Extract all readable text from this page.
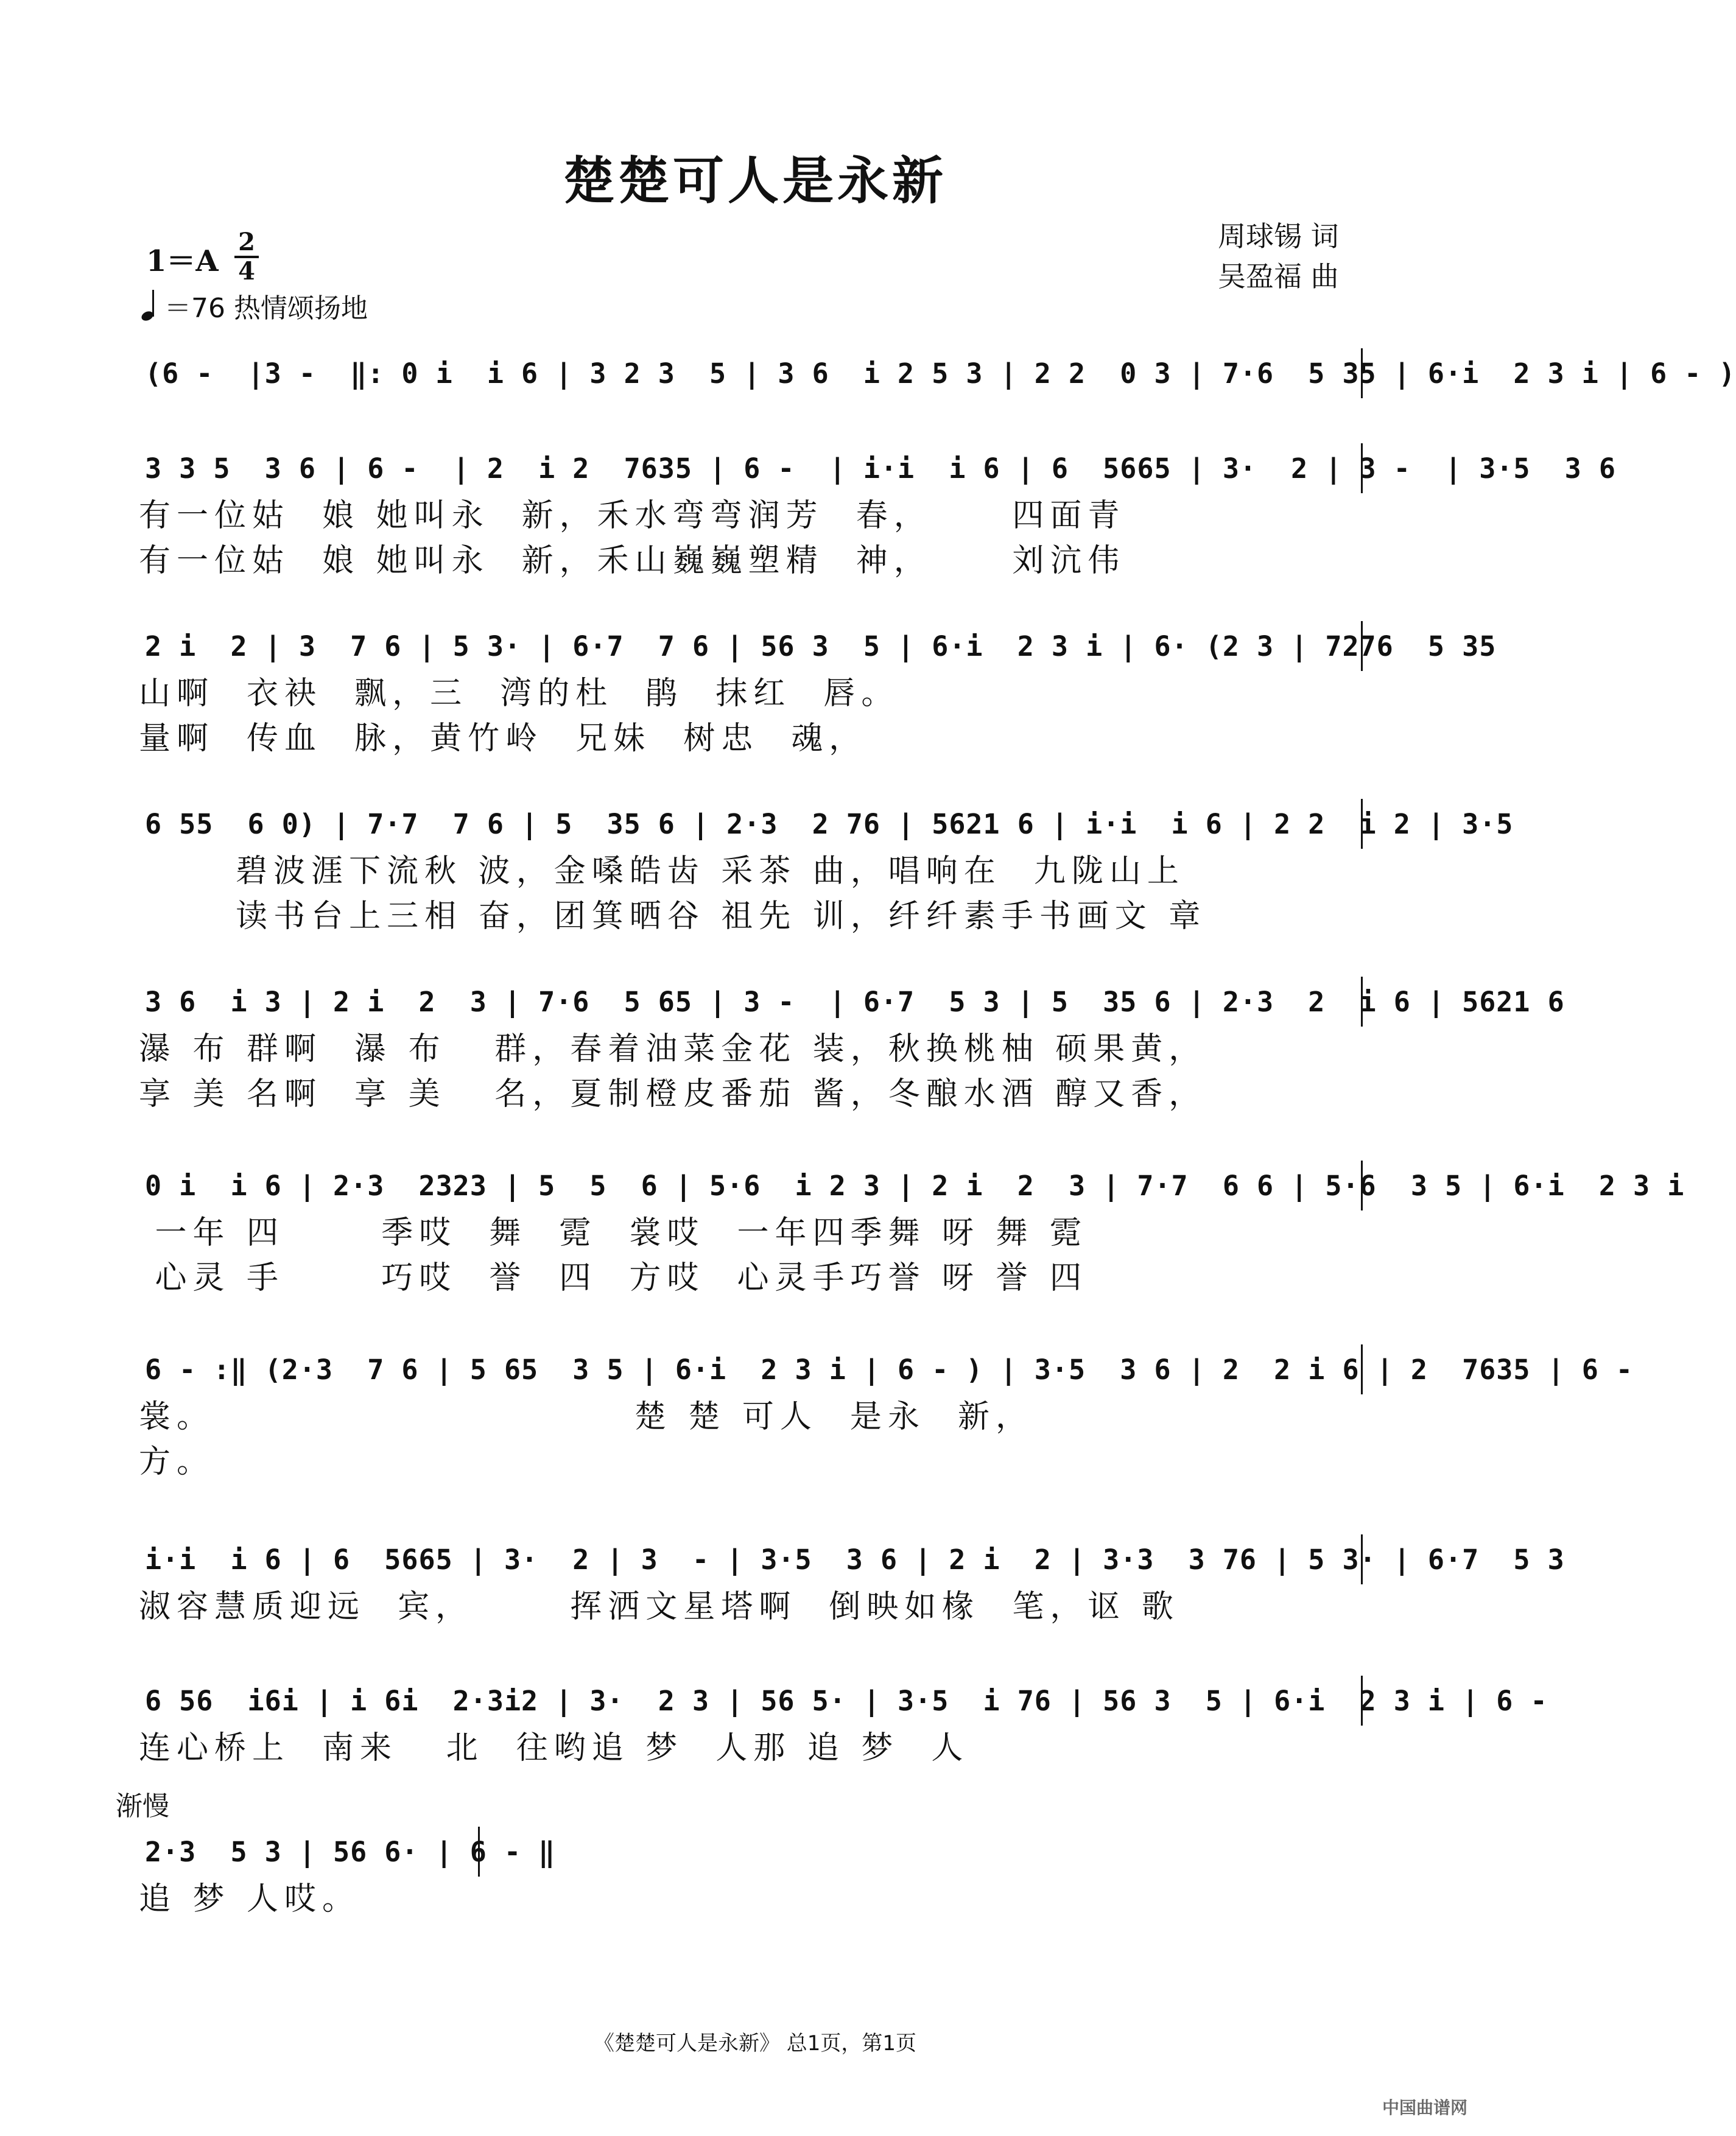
楚楚可人是永新
1＝A
2
4
＝76 热情颂扬地
周球锡 词
吴盈福 曲
(6 -  |3 -  ‖: 0 i  i 6 | 3 2 3  5 | 3 6  i 2 5 3 | 2 2  0 3 | 7·6  5 35 | 6·i  2 3 i | 6 - )
3 3 5  3 6 | 6 -  | 2  i 2  7635 | 6 -  | i·i  i 6 | 6  5665 | 3·  2 | 3 -  | 3·5  3 6
有一位姑  娘 她叫永  新，禾水弯弯润芳  春，     四面青
有一位姑  娘 她叫永  新，禾山巍巍塑精  神，     刘沆伟
2 i  2 | 3  7 6 | 5 3· | 6·7  7 6 | 56 3  5 | 6·i  2 3 i | 6· (2 3 | 7276  5 35
山啊  衣袂  飘，三  湾的杜  鹃  抹红  唇。
量啊  传血  脉，黄竹岭  兄妹  树忠  魂，
6 55  6 0) | 7·7  7 6 | 5  35 6 | 2·3  2 76 | 5621 6 | i·i  i 6 | 2 2  i 2 | 3·5
碧波涯下流秋 波，金嗓皓齿 采茶 曲，唱响在  九陇山上
读书台上三相 奋，团箕晒谷 祖先 训，纤纤素手书画文 章
3 6  i 3 | 2 i  2  3 | 7·6  5 65 | 3 -  | 6·7  5 3 | 5  35 6 | 2·3  2  i 6 | 5621 6
瀑 布 群啊  瀑 布   群，春着油菜金花 装，秋换桃柚 硕果黄，
享 美 名啊  享 美   名，夏制橙皮番茄 酱，冬酿水酒 醇又香，
0 i  i 6 | 2·3  2323 | 5  5  6 | 5·6  i 2 3 | 2 i  2  3 | 7·7  6 6 | 5·6  3 5 | 6·i  2 3 i
一年 四      季哎  舞  霓  裳哎  一年四季舞 呀 舞 霓
心灵 手      巧哎  誉  四  方哎  心灵手巧誉 呀 誉 四
6 - :‖ (2·3  7 6 | 5 65  3 5 | 6·i  2 3 i | 6 - ) | 3·5  3 6 | 2  2 i 6 | 2  7635 | 6 -
裳。                          楚 楚 可人  是永  新，
方。
i·i  i 6 | 6  5665 | 3·  2 | 3  - | 3·5  3 6 | 2 i  2 | 3·3  3 76 | 5 3· | 6·7  5 3
淑容慧质迎远  宾，      挥洒文星塔啊  倒映如椽  笔，讴 歌
6 56  i6i | i 6i  2·3i2 | 3·  2 3 | 56 5· | 3·5  i 76 | 56 3  5 | 6·i  2 3 i | 6 -
连心桥上  南来   北  往哟追 梦  人那 追 梦  人
渐慢
2·3  5 3 | 56 6· | 6 - ‖
追 梦 人哎。
《楚楚可人是永新》 总1页，第1页
中国曲谱网
